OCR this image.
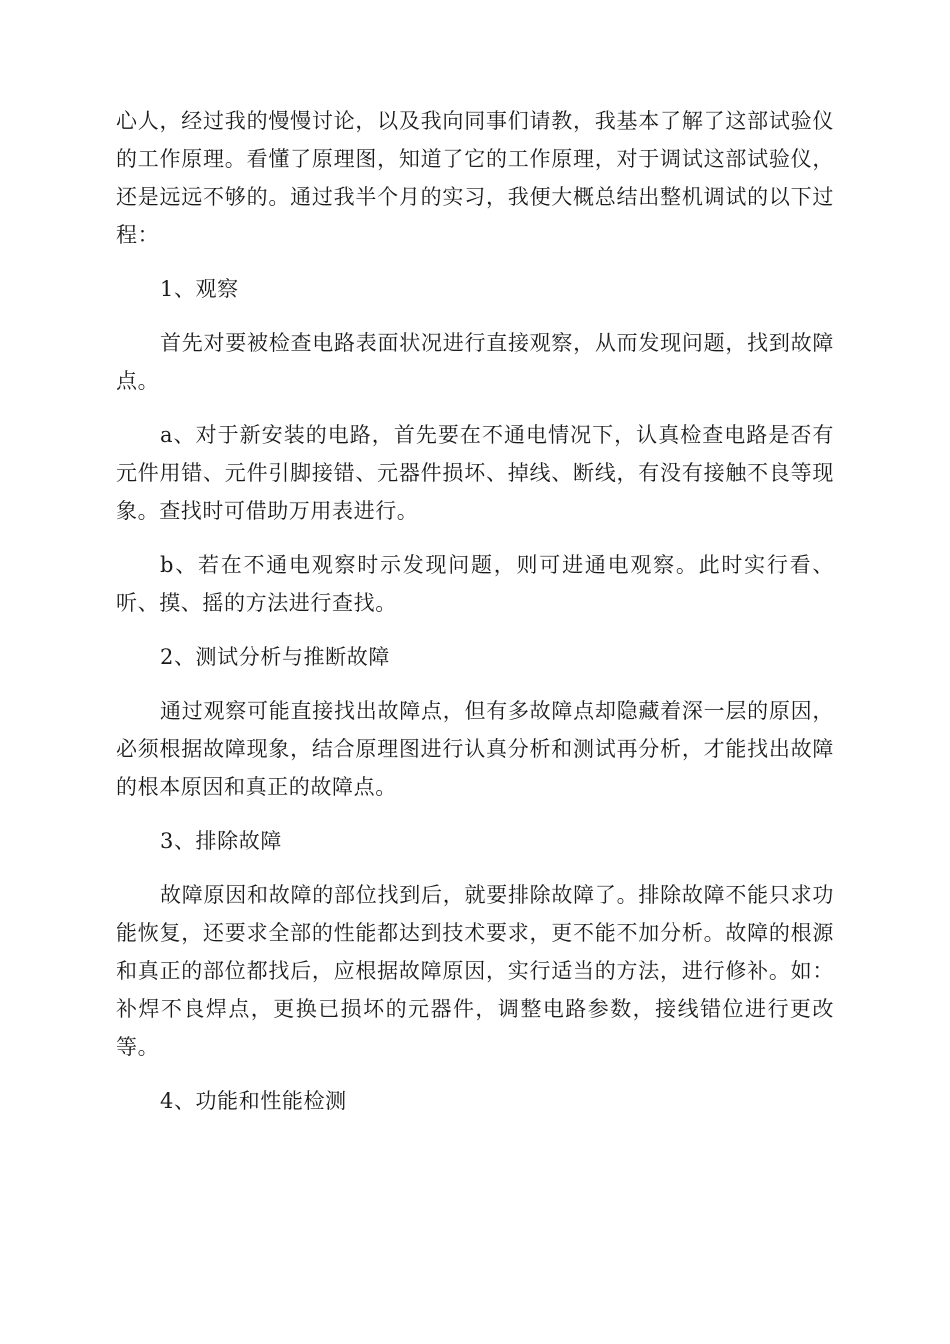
心人，经过我的慢慢讨论，以及我向同事们请教，我基本了解了这部试验仪的工作原理。看懂了原理图，知道了它的工作原理，对于调试这部试验仪，还是远远不够的。通过我半个月的实习，我便大概总结出整机调试的以下过程：

1、观察

首先对要被检查电路表面状况进行直接观察，从而发现问题，找到故障点。

a、对于新安装的电路，首先要在不通电情况下，认真检查电路是否有元件用错、元件引脚接错、元器件损坏、掉线、断线，有没有接触不良等现象。查找时可借助万用表进行。

b、若在不通电观察时示发现问题，则可进通电观察。此时实行看、听、摸、摇的方法进行查找。

2、测试分析与推断故障

通过观察可能直接找出故障点，但有多故障点却隐藏着深一层的原因，必须根据故障现象，结合原理图进行认真分析和测试再分析，才能找出故障的根本原因和真正的故障点。

3、排除故障

故障原因和故障的部位找到后，就要排除故障了。排除故障不能只求功能恢复，还要求全部的性能都达到技术要求，更不能不加分析。故障的根源和真正的部位都找后，应根据故障原因，实行适当的方法，进行修补。如：补焊不良焊点，更换已损坏的元器件，调整电路参数，接线错位进行更改等。

4、功能和性能检测
